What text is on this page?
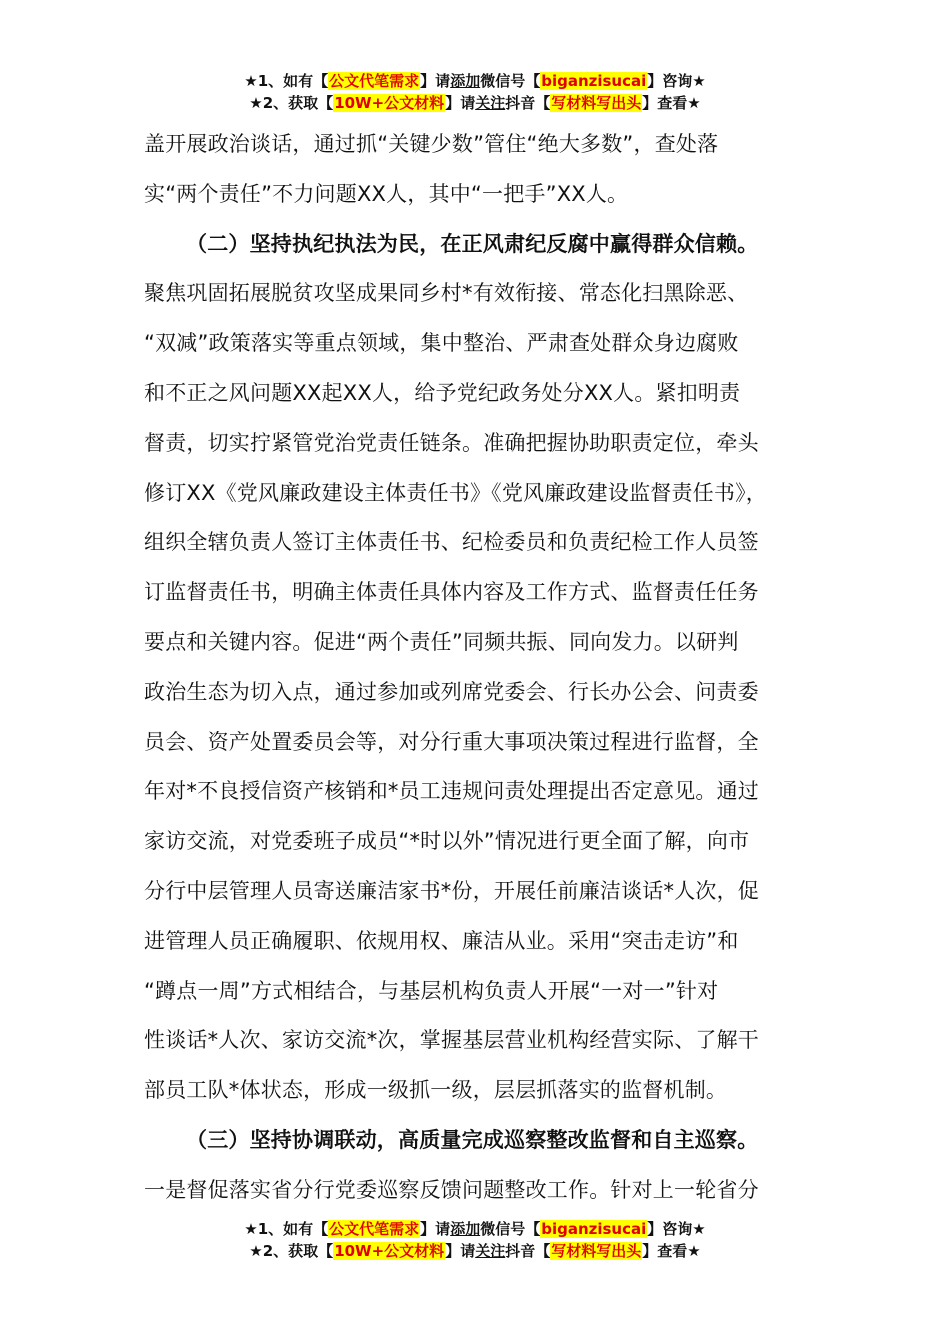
★1、如有【公文代笔需求】请添加微信号【biganzisucai】咨询★
★2、获取【10W+公文材料】请关注抖音【写材料写出头】查看★
盖开展政治谈话，通过抓“关键少数”管住“绝大多数”，查处落
实“两个责任”不力问题XX人，其中“一把手”XX人。
（二）坚持执纪执法为民，在正风肃纪反腐中赢得群众信赖。
聚焦巩固拓展脱贫攻坚成果同乡村*有效衔接、常态化扫黑除恶、
“双减”政策落实等重点领域，集中整治、严肃查处群众身边腐败
和不正之风问题XX起XX人，给予党纪政务处分XX人。紧扣明责
督责，切实拧紧管党治党责任链条。准确把握协助职责定位，牵头
修订XX《党风廉政建设主体责任书》《党风廉政建设监督责任书》，
组织全辖负责人签订主体责任书、纪检委员和负责纪检工作人员签
订监督责任书，明确主体责任具体内容及工作方式、监督责任任务
要点和关键内容。促进“两个责任”同频共振、同向发力。以研判
政治生态为切入点，通过参加或列席党委会、行长办公会、问责委
员会、资产处置委员会等，对分行重大事项决策过程进行监督，全
年对*不良授信资产核销和*员工违规问责处理提出否定意见。通过
家访交流，对党委班子成员“*时以外”情况进行更全面了解，向市
分行中层管理人员寄送廉洁家书*份，开展任前廉洁谈话*人次，促
进管理人员正确履职、依规用权、廉洁从业。采用“突击走访”和
“蹲点一周”方式相结合，与基层机构负责人开展“一对一”针对
性谈话*人次、家访交流*次，掌握基层营业机构经营实际、了解干
部员工队*体状态，形成一级抓一级，层层抓落实的监督机制。
（三）坚持协调联动，高质量完成巡察整改监督和自主巡察。
一是督促落实省分行党委巡察反馈问题整改工作。针对上一轮省分
★1、如有【公文代笔需求】请添加微信号【biganzisucai】咨询★
★2、获取【10W+公文材料】请关注抖音【写材料写出头】查看★
